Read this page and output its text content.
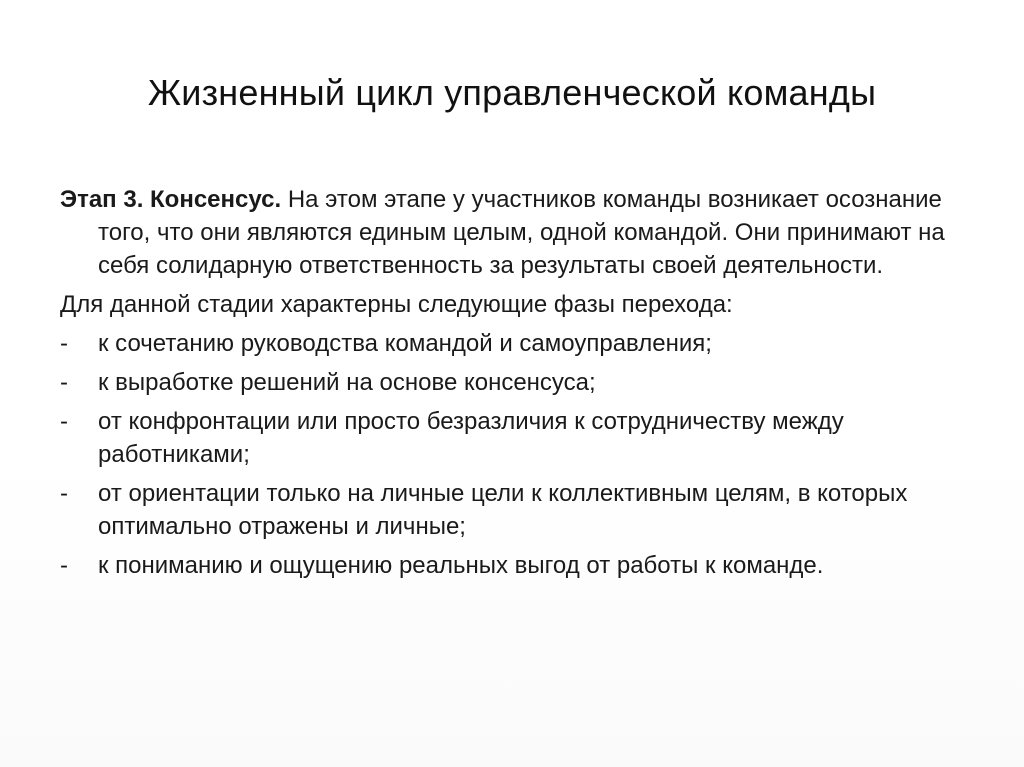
Жизненный цикл управленческой команды

Этап 3. Консенсус. На этом этапе у участников команды возникает осознание того, что они являются единым целым, одной командой. Они принимают на себя солидарную ответственность за результаты своей деятельности.

Для данной стадии характерны следующие фазы перехода:

-	к сочетанию руководства командой и самоуправления;
-	к выработке решений на основе консенсуса;
-	от конфронтации или просто безразличия к сотрудничеству между работниками;
-	от ориентации только на личные цели к коллективным целям, в которых оптимально отражены и личные;
-	к пониманию и ощущению реальных выгод от работы к команде.
